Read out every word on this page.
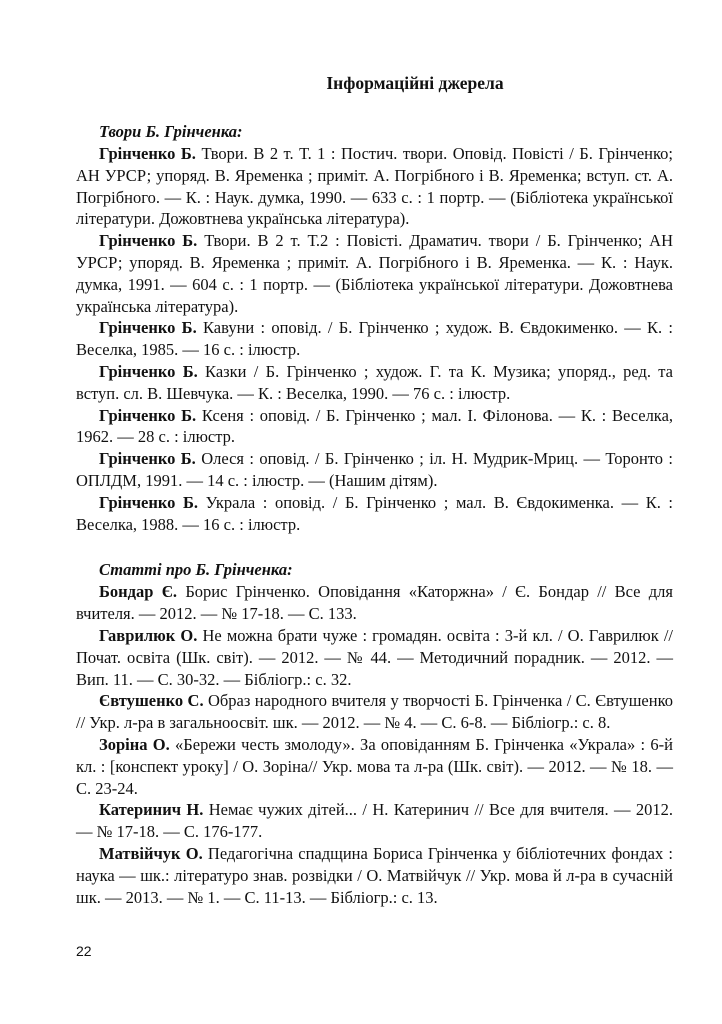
Інформаційні джерела
Твори Б. Грінченка:

Грінченко Б. Твори. В 2 т. Т. 1 : Постич. твори. Оповід. Повісті / Б. Грінченко; АН УРСР; упоряд. В. Яременка ; приміт. А. Погрібного і В. Яременка; вступ. ст. А. Погрібного. — К. : Наук. думка, 1990. — 633 с. : 1 портр. — (Бібліотека української літератури. Дожовтнева українська література).

Грінченко Б. Твори. В 2 т. Т.2 : Повісті. Драматич. твори / Б. Грінченко; АН УРСР; упоряд. В. Яременка ; приміт. А. Погрібного і В. Яременка. — К. : Наук. думка, 1991. — 604 с. : 1 портр. — (Бібліотека української літератури. Дожовтнева українська література).

Грінченко Б. Кавуни : оповід. / Б. Грінченко ; худож. В. Євдокименко. — К. : Веселка, 1985. — 16 с. : ілюстр.

Грінченко Б. Казки / Б. Грінченко ; худож. Г. та К. Музика; упоряд., ред. та вступ. сл. В. Шевчука. — К. : Веселка, 1990. — 76 с. : ілюстр.

Грінченко Б. Ксеня : оповід. / Б. Грінченко ; мал. І. Філонова. — К. : Веселка, 1962. — 28 с. : ілюстр.

Грінченко Б. Олеся : оповід. / Б. Грінченко ; іл. Н. Мудрик-Мриц. — Торонто : ОПЛДМ, 1991. — 14 с. : ілюстр. — (Нашим дітям).

Грінченко Б. Украла : оповід. / Б. Грінченко ; мал. В. Євдокименка. — К. : Веселка, 1988. — 16 с. : ілюстр.

Статті про Б. Грінченка:

Бондар Є. Борис Грінченко. Оповідання «Каторжна» / Є. Бондар // Все для вчителя. — 2012. — № 17-18. — С. 133.

Гаврилюк О. Не можна брати чуже : громадян. освіта : 3-й кл. / О. Гаврилюк // Почат. освіта (Шк. світ). — 2012. — № 44. — Методичний порадник. — 2012. — Вип. 11. — С. 30-32. — Бібліогр.: с. 32.

Євтушенко С. Образ народного вчителя у творчості Б. Грінченка / С. Євтушенко // Укр. л-ра в загальноосвіт. шк. — 2012. — № 4. — С. 6-8. — Бібліогр.: с. 8.

Зоріна О. «Бережи честь змолоду». За оповіданням Б. Грінченка «Украла» : 6-й кл. : [конспект уроку] / О. Зоріна// Укр. мова та л-ра (Шк. світ). — 2012. — № 18. — С. 23-24.

Катеринич Н. Немає чужих дітей... / Н. Катеринич // Все для вчителя. — 2012. — № 17-18. — С. 176-177.

Матвійчук О. Педагогічна спадщина Бориса Грінченка у бібліотечних фондах : наука — шк.: літературо знав. розвідки / О. Матвійчук // Укр. мова й л-ра в сучасній шк. — 2013. — № 1. — С. 11-13. — Бібліогр.: с. 13.

22
